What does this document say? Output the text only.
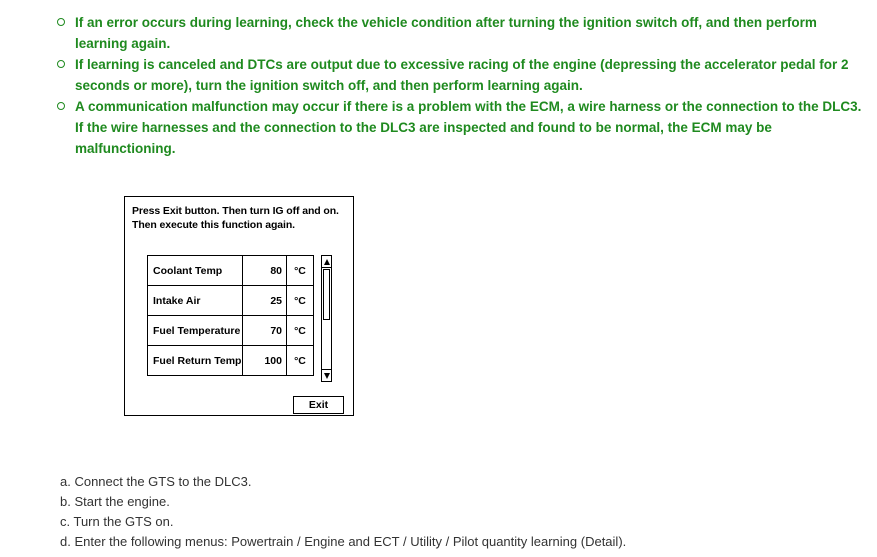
If an error occurs during learning, check the vehicle condition after turning the ignition switch off, and then perform learning again.
If learning is canceled and DTCs are output due to excessive racing of the engine (depressing the accelerator pedal for 2 seconds or more), turn the ignition switch off, and then perform learning again.
A communication malfunction may occur if there is a problem with the ECM, a wire harness or the connection to the DLC3. If the wire harnesses and the connection to the DLC3 are inspected and found to be normal, the ECM may be malfunctioning.
Press Exit button. Then turn IG off and on.
Then execute this function again.
Coolant Temp	80	°C
Intake Air	25	°C
Fuel Temperature	70	°C
Fuel Return Temp	100	°C
Exit
a. Connect the GTS to the DLC3.
b. Start the engine.
c. Turn the GTS on.
d. Enter the following menus: Powertrain / Engine and ECT / Utility / Pilot quantity learning (Detail).
